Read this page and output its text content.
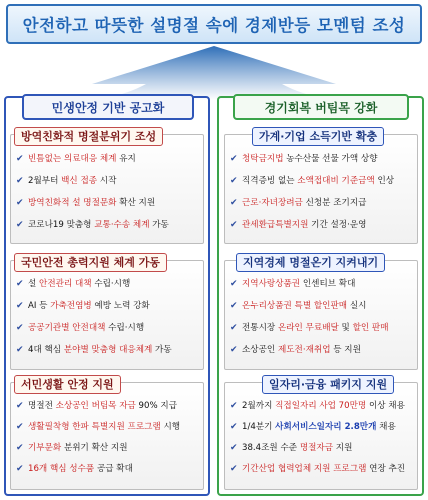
안전하고 따뜻한 설명절 속에 경제반등 모멘텀 조성
민생안정 기반 공고화	경기회복 버팀목 강화
방역친화적 명절분위기 조성
✔ 빈틈없는 의료대응 체계 유지
✔ 2월부터 백신 접종 시작
✔ 방역친화적 설 명절문화 확산 지원
✔ 코로나19 맞춤형 교통·수송 체계 가동
국민안전 총력지원 체계 가동
✔ 설 안전관리 대책 수립·시행
✔ AI 등 가축전염병 예방 노력 강화
✔ 공공기관별 안전대책 수립·시행
✔ 4대 핵심 분야별 맞춤형 대응체계 가동
서민생활 안정 지원
✔ 명절전 소상공인 버팀목 자금 90% 지급
✔ 생활필착형 한파 특별지원 프로그램 시행
✔ 기부문화 분위기 확산 지원
✔ 16개 핵심 성수품 공급 확대
가계·기업 소득기반 확충
✔ 청탁금지법 농수산물 선물 가액 상향
✔ 직격증빙 없는 소액접대비 기준금액 인상
✔ 근로·자녀장려금 신청분 조기지급
✔ 관세환급특별지원 기간 설정·운영
지역경제 명절온기 지켜내기
✔ 지역사랑상품권 인센티브 확대
✔ 온누리상품권 특별 할인판매 실시
✔ 전통시장 온라인 무료배달 및 할인 판매
✔ 소상공인 제도전·재취업 등 지원
일자리·금융 패키지 지원
✔ 2월까지 직접일자리 사업 70만명 이상 채용
✔ 1/4분기 사회서비스일자리 2.8만개 채용
✔ 38.4조원 수준 명절자금 지원
✔ 기간산업 협력업체 지원 프로그램 연장 추진
